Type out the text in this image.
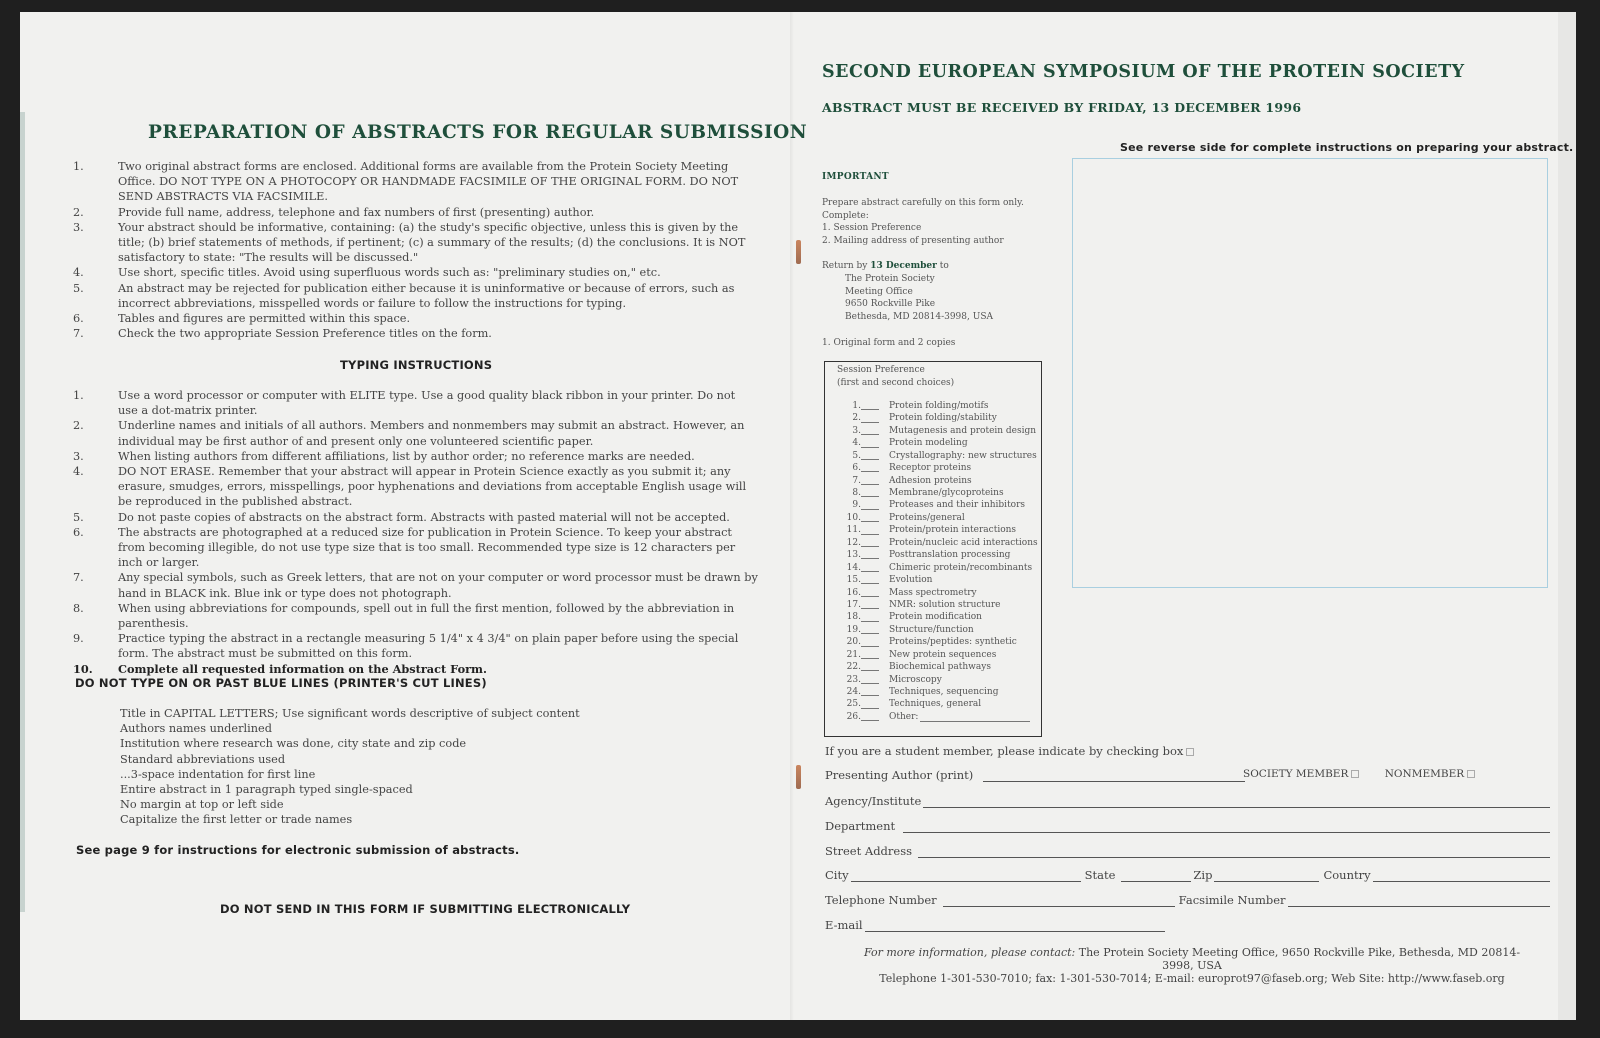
PREPARATION OF ABSTRACTS FOR REGULAR SUBMISSION
1.	Two original abstract forms are enclosed. Additional forms are available from the Protein Society Meeting Office. DO NOT TYPE ON A PHOTOCOPY OR HANDMADE FACSIMILE OF THE ORIGINAL FORM. DO NOT SEND ABSTRACTS VIA FACSIMILE.
2.	Provide full name, address, telephone and fax numbers of first (presenting) author.
3.	Your abstract should be informative, containing: (a) the study's specific objective, unless this is given by the title; (b) brief statements of methods, if pertinent; (c) a summary of the results; (d) the conclusions. It is NOT satisfactory to state: "The results will be discussed."
4.	Use short, specific titles. Avoid using superfluous words such as: "preliminary studies on," etc.
5.	An abstract may be rejected for publication either because it is uninformative or because of errors, such as incorrect abbreviations, misspelled words or failure to follow the instructions for typing.
6.	Tables and figures are permitted within this space.
7.	Check the two appropriate Session Preference titles on the form.
TYPING INSTRUCTIONS
1.	Use a word processor or computer with ELITE type. Use a good quality black ribbon in your printer. Do not use a dot-matrix printer.
2.	Underline names and initials of all authors. Members and nonmembers may submit an abstract. However, an individual may be first author of and present only one volunteered scientific paper.
3.	When listing authors from different affiliations, list by author order; no reference marks are needed.
4.	DO NOT ERASE. Remember that your abstract will appear in Protein Science exactly as you submit it; any erasure, smudges, errors, misspellings, poor hyphenations and deviations from acceptable English usage will be reproduced in the published abstract.
5.	Do not paste copies of abstracts on the abstract form. Abstracts with pasted material will not be accepted.
6.	The abstracts are photographed at a reduced size for publication in Protein Science. To keep your abstract from becoming illegible, do not use type size that is too small. Recommended type size is 12 characters per inch or larger.
7.	Any special symbols, such as Greek letters, that are not on your computer or word processor must be drawn by hand in BLACK ink. Blue ink or type does not photograph.
8.	When using abbreviations for compounds, spell out in full the first mention, followed by the abbreviation in parenthesis.
9.	Practice typing the abstract in a rectangle measuring 5 1/4" x 4 3/4" on plain paper before using the special form. The abstract must be submitted on this form.
10. Complete all requested information on the Abstract Form.
DO NOT TYPE ON OR PAST BLUE LINES (PRINTER'S CUT LINES)
Title in CAPITAL LETTERS; Use significant words descriptive of subject content
Authors names underlined
Institution where research was done, city state and zip code
Standard abbreviations used
...3-space indentation for first line
Entire abstract in 1 paragraph typed single-spaced
No margin at top or left side
Capitalize the first letter or trade names
See page 9 for instructions for electronic submission of abstracts.
DO NOT SEND IN THIS FORM IF SUBMITTING ELECTRONICALLY
SECOND EUROPEAN SYMPOSIUM OF THE PROTEIN SOCIETY
ABSTRACT MUST BE RECEIVED BY FRIDAY, 13 DECEMBER 1996
See reverse side for complete instructions on preparing your abstract.
IMPORTANT
Prepare abstract carefully on this form only.
Complete:
1. Session Preference
2. Mailing address of presenting author
Return by 13 December to
The Protein Society
Meeting Office
9650 Rockville Pike
Bethesda, MD 20814-3998, USA
1. Original form and 2 copies
Session Preference
(first and second choices)
1.	Protein folding/motifs
2.	Protein folding/stability
3.	Mutagenesis and protein design
4.	Protein modeling
5.	Crystallography: new structures
6.	Receptor proteins
7.	Adhesion proteins
8.	Membrane/glycoproteins
9.	Proteases and their inhibitors
10.	Proteins/general
11.	Protein/protein interactions
12.	Protein/nucleic acid interactions
13.	Posttranslation processing
14.	Chimeric protein/recombinants
15.	Evolution
16.	Mass spectrometry
17.	NMR: solution structure
18.	Protein modification
19.	Structure/function
20.	Proteins/peptides: synthetic
21.	New protein sequences
22.	Biochemical pathways
23.	Microscopy
24.	Techniques, sequencing
25.	Techniques, general
26.	Other:
If you are a student member, please indicate by checking box
Presenting Author (print)	SOCIETY MEMBER	NONMEMBER
Agency/Institute
Department
Street Address
City	State	Zip	Country
Telephone Number	Facsimile Number
E-mail
For more information, please contact: The Protein Society Meeting Office, 9650 Rockville Pike, Bethesda, MD 20814-3998, USA
Telephone 1-301-530-7010; fax: 1-301-530-7014; E-mail: europrot97@faseb.org; Web Site: http://www.faseb.org
